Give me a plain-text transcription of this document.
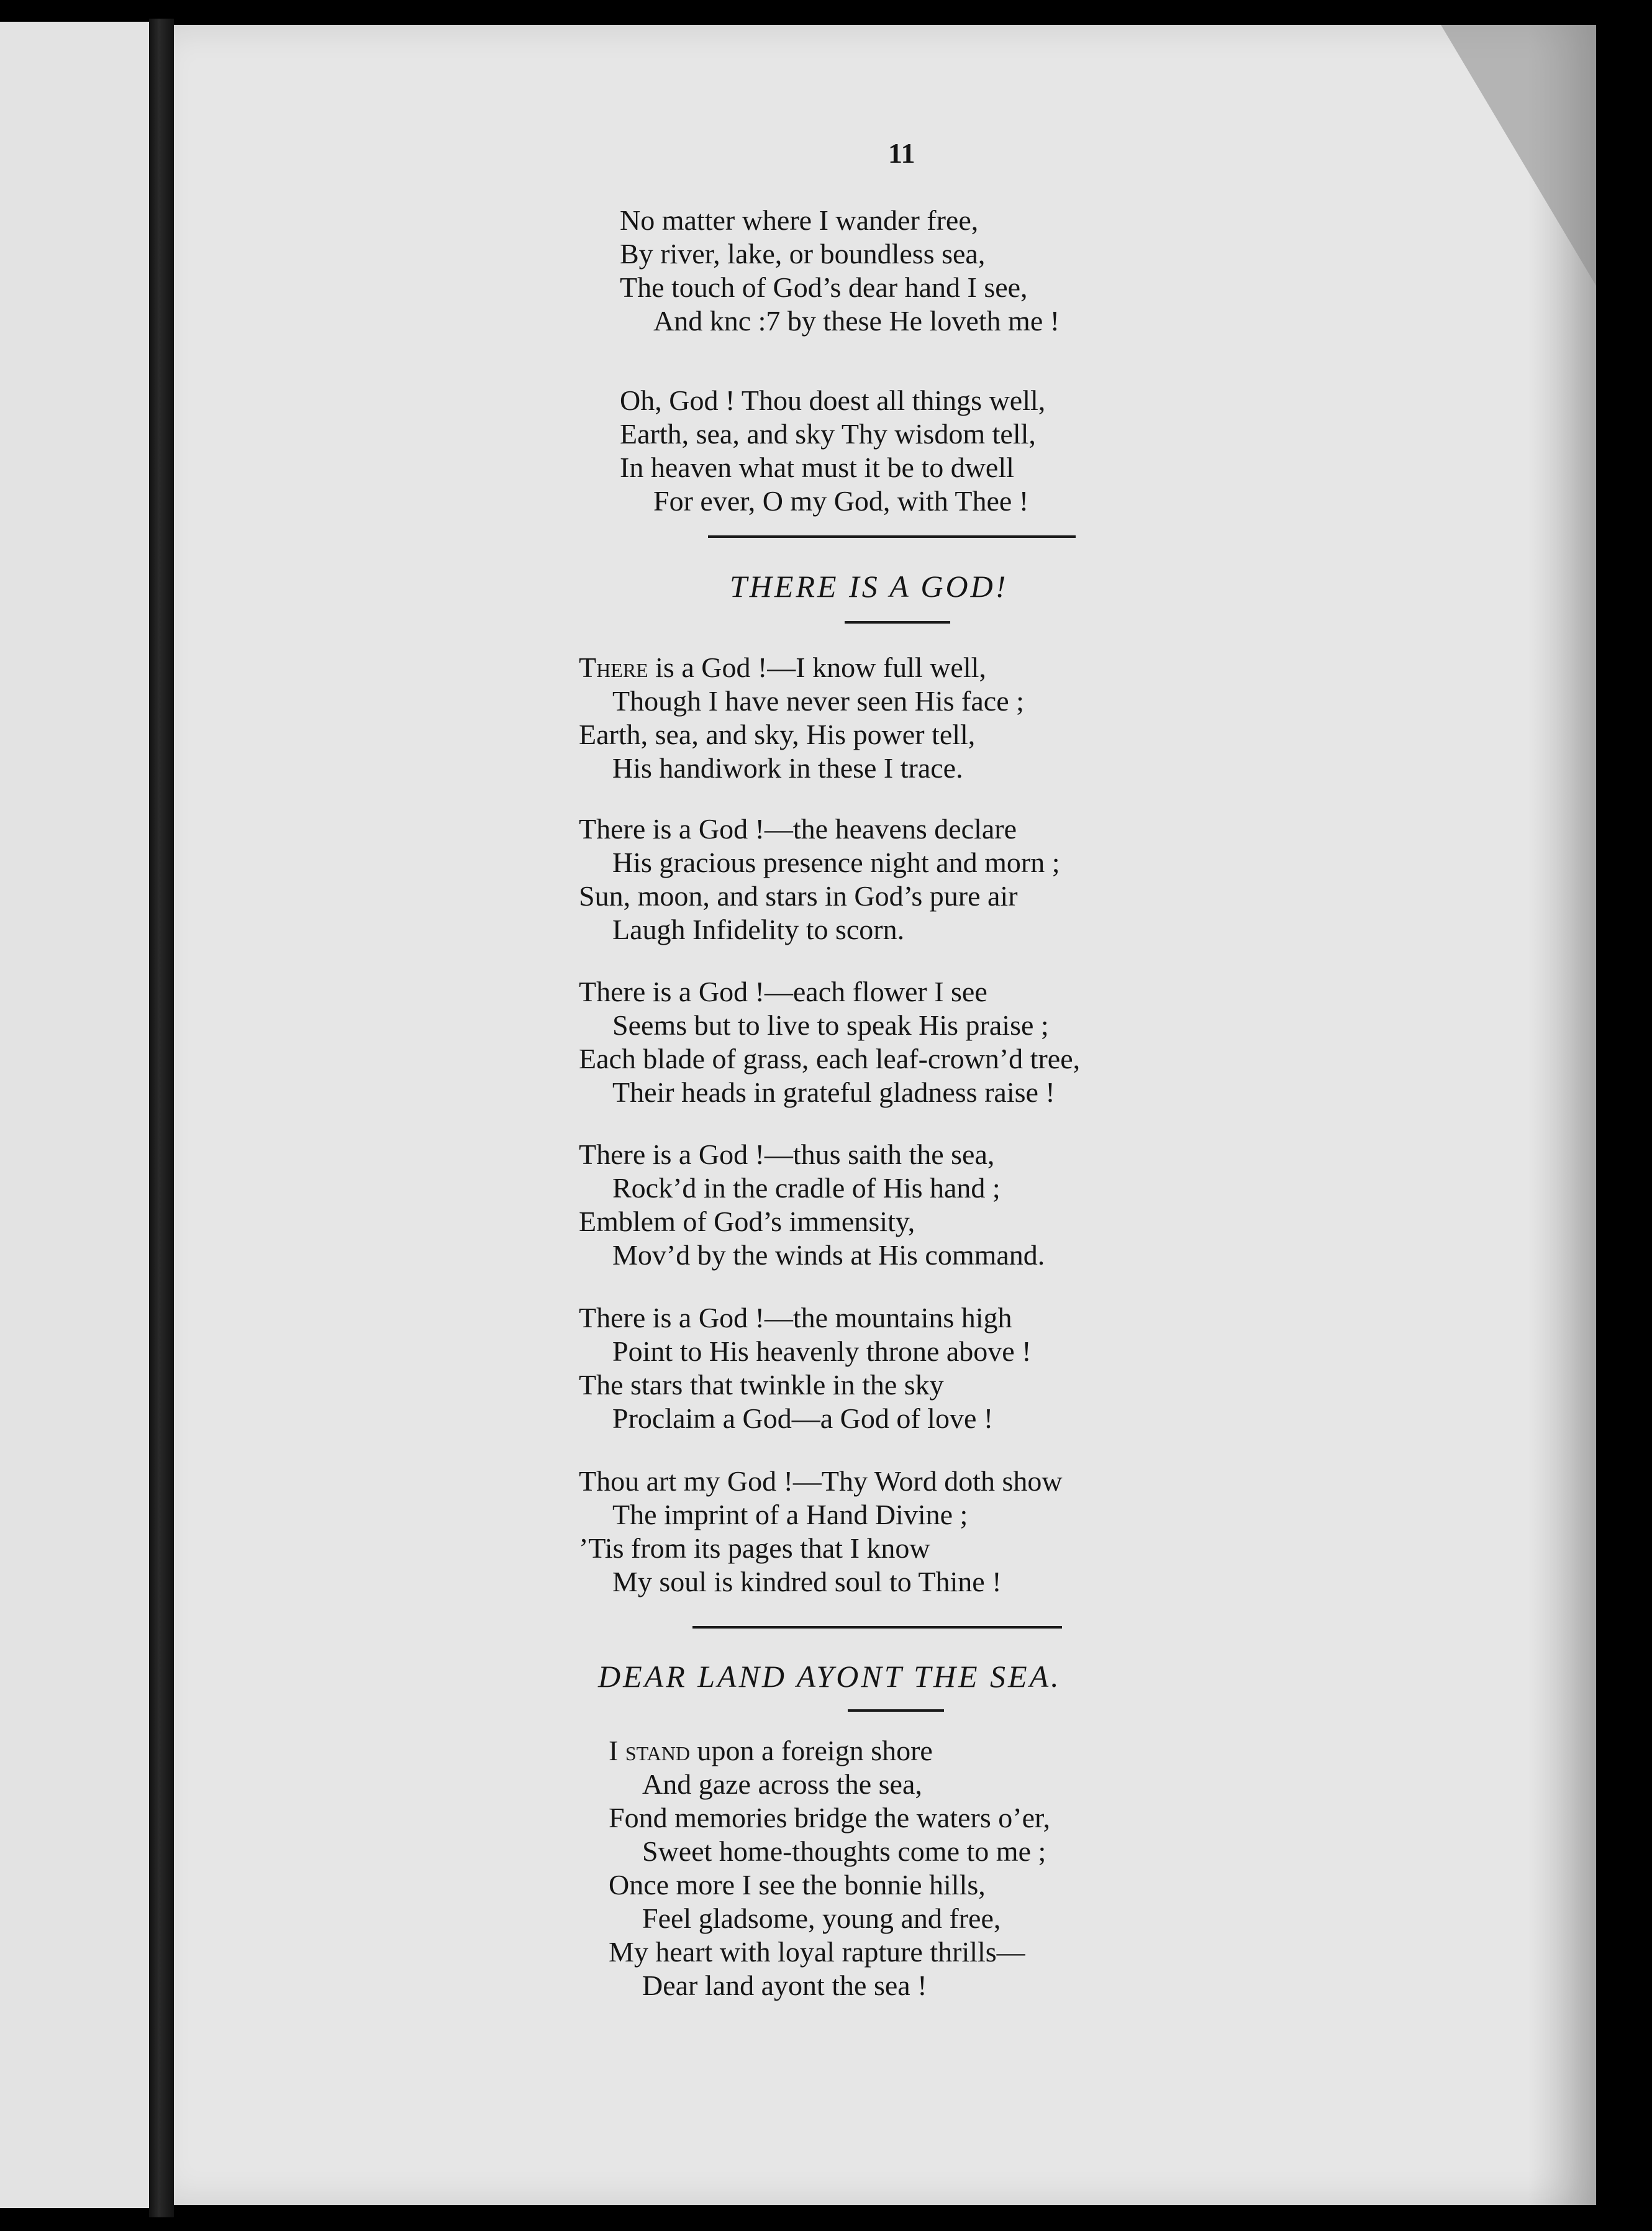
11
No matter where I wander free,
By river, lake, or boundless sea,
The touch of God’s dear hand I see,
And knc :7 by these He loveth me !
Oh, God ! Thou doest all things well,
Earth, sea, and sky Thy wisdom tell,
In heaven what must it be to dwell
For ever, O my God, with Thee !
THERE IS A GOD!
There is a God !—I know full well,
Though I have never seen His face ;
Earth, sea, and sky, His power tell,
His handiwork in these I trace.
There is a God !—the heavens declare
His gracious presence night and morn ;
Sun, moon, and stars in God’s pure air
Laugh Infidelity to scorn.
There is a God !—each flower I see
Seems but to live to speak His praise ;
Each blade of grass, each leaf-crown’d tree,
Their heads in grateful gladness raise !
There is a God !—thus saith the sea,
Rock’d in the cradle of His hand ;
Emblem of God’s immensity,
Mov’d by the winds at His command.
There is a God !—the mountains high
Point to His heavenly throne above !
The stars that twinkle in the sky
Proclaim a God—a God of love !
Thou art my God !—Thy Word doth show
The imprint of a Hand Divine ;
’Tis from its pages that I know
My soul is kindred soul to Thine !
DEAR LAND AYONT THE SEA.
I stand upon a foreign shore
And gaze across the sea,
Fond memories bridge the waters o’er,
Sweet home-thoughts come to me ;
Once more I see the bonnie hills,
Feel gladsome, young and free,
My heart with loyal rapture thrills—
Dear land ayont the sea !
